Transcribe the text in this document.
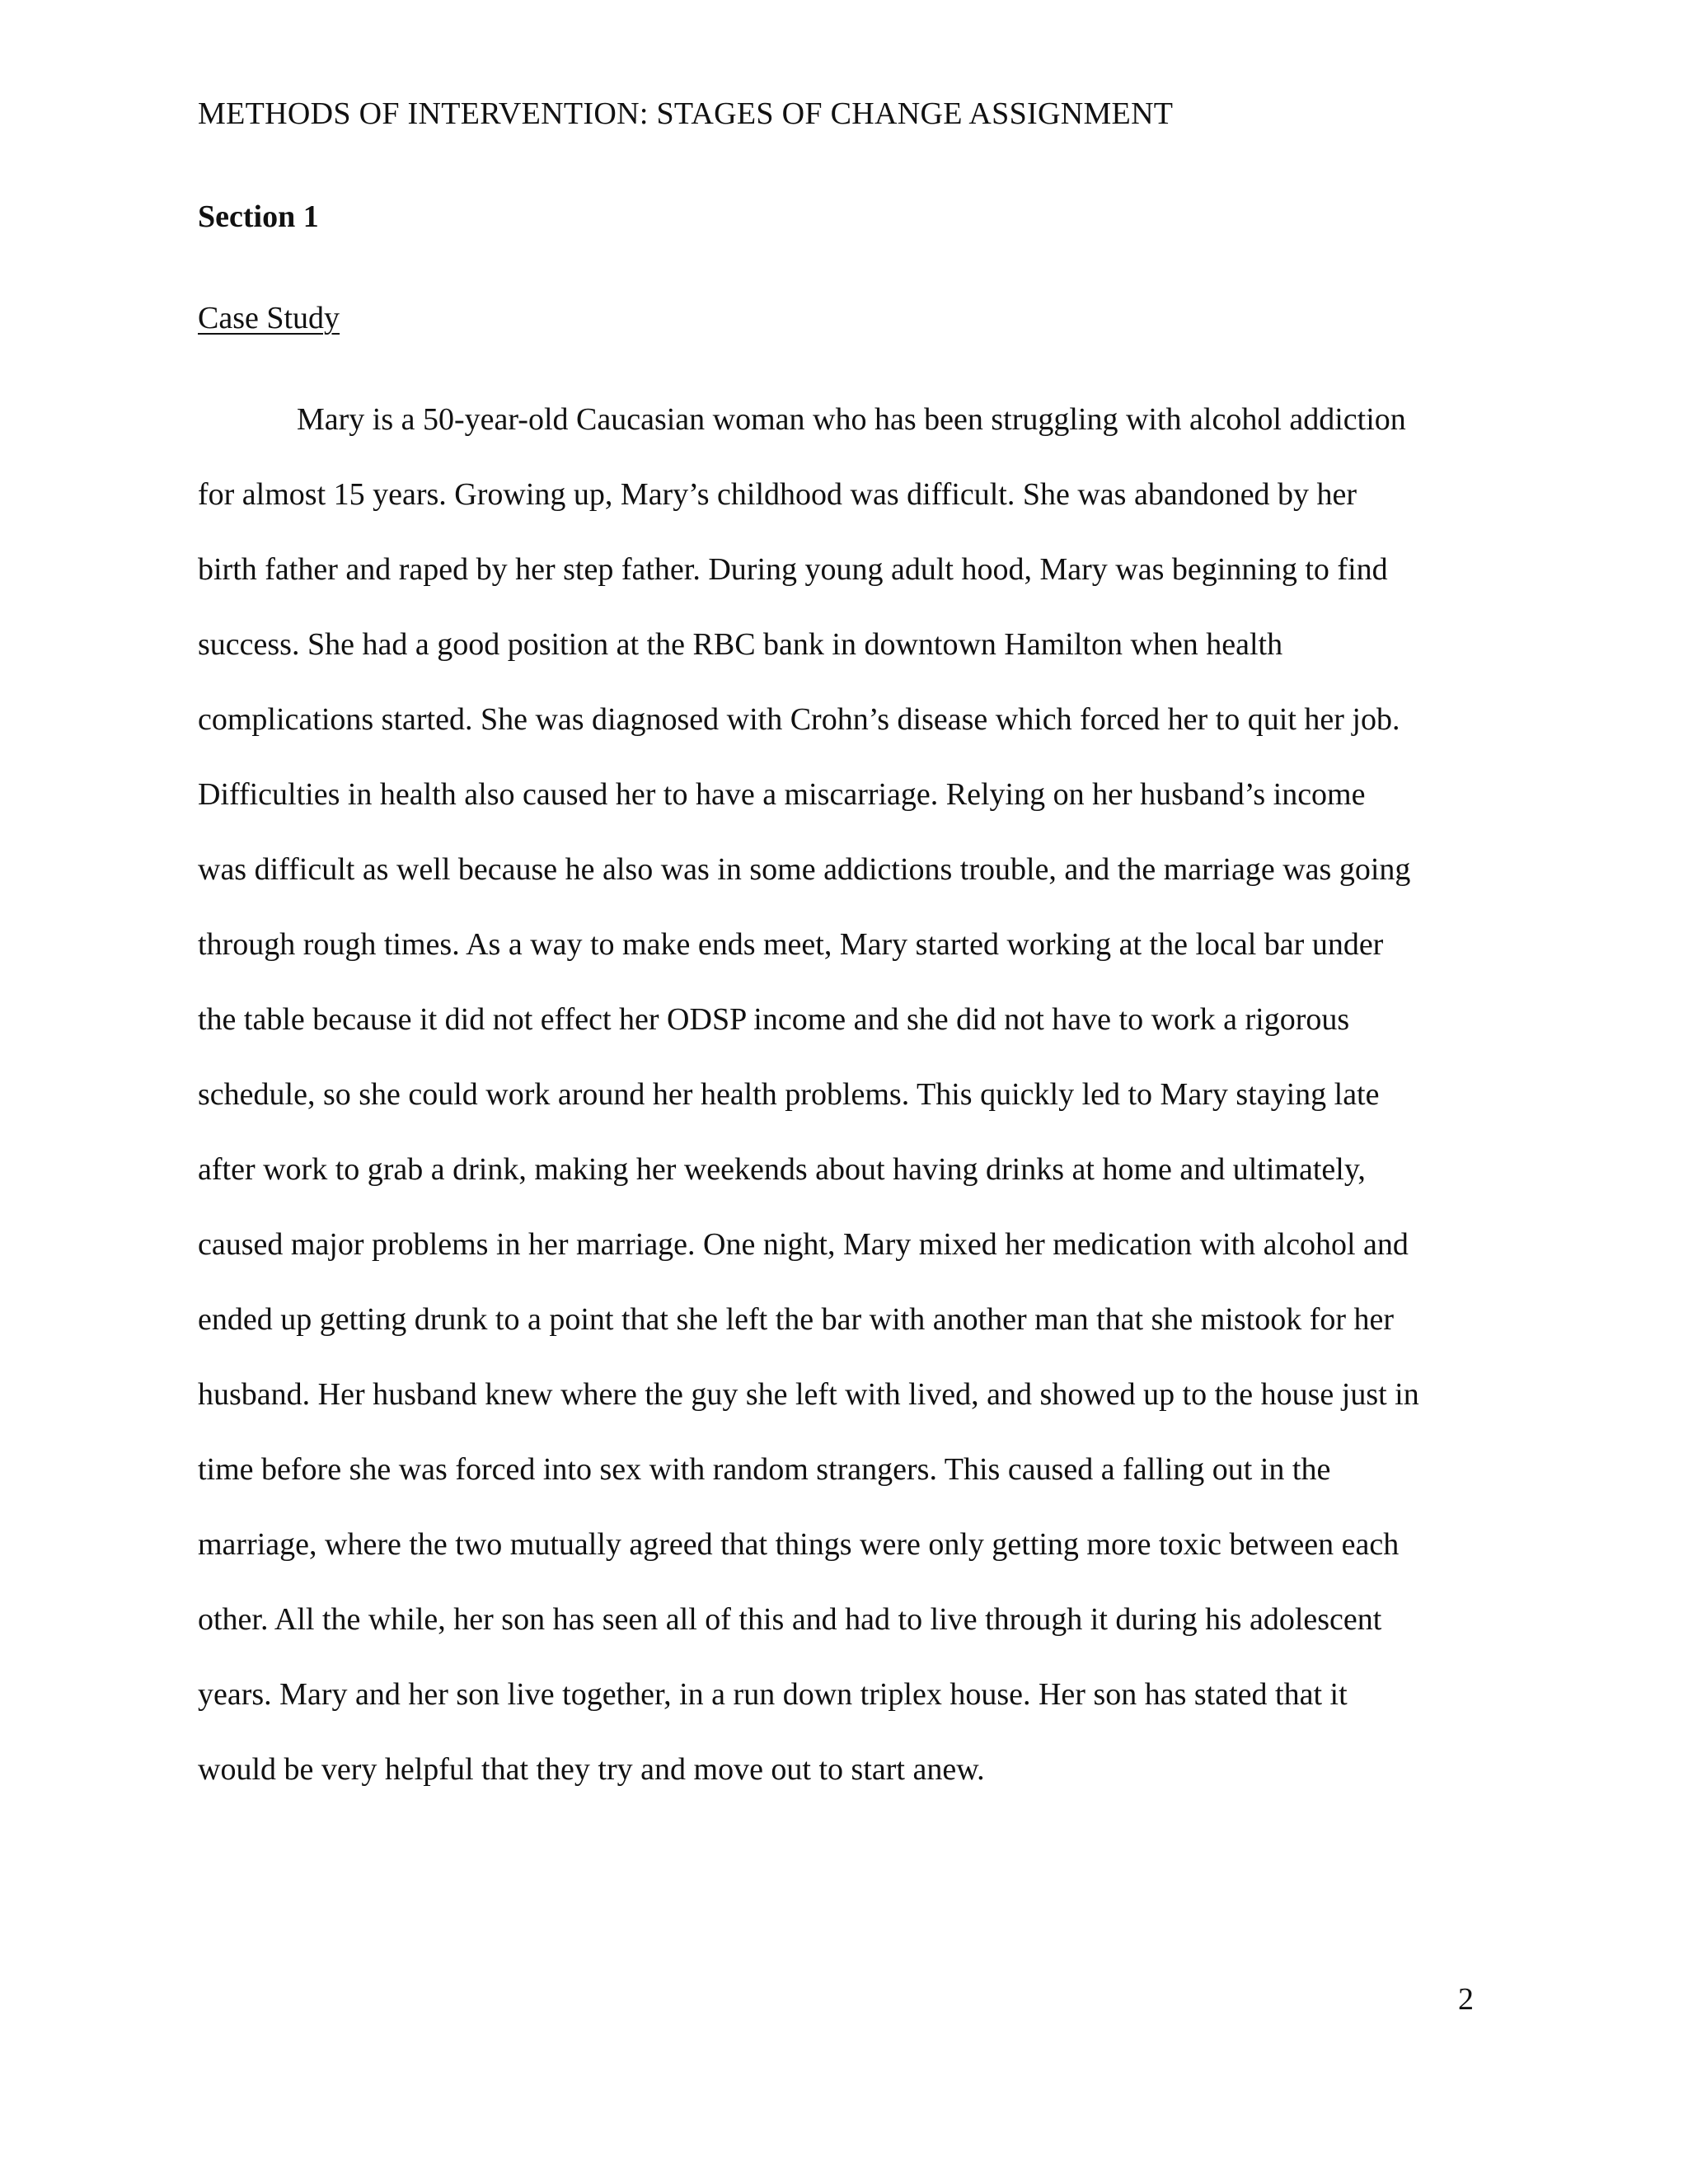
METHODS OF INTERVENTION: STAGES OF CHANGE ASSIGNMENT
Section 1
Case Study
Mary is a 50-year-old Caucasian woman who has been struggling with alcohol addiction
for almost 15 years. Growing up, Mary’s childhood was difficult. She was abandoned by her
birth father and raped by her step father. During young adult hood, Mary was beginning to find
success. She had a good position at the RBC bank in downtown Hamilton when health
complications started. She was diagnosed with Crohn’s disease which forced her to quit her job.
Difficulties in health also caused her to have a miscarriage. Relying on her husband’s income
was difficult as well because he also was in some addictions trouble, and the marriage was going
through rough times. As a way to make ends meet, Mary started working at the local bar under
the table because it did not effect her ODSP income and she did not have to work a rigorous
schedule, so she could work around her health problems. This quickly led to Mary staying late
after work to grab a drink, making her weekends about having drinks at home and ultimately,
caused major problems in her marriage. One night, Mary mixed her medication with alcohol and
ended up getting drunk to a point that she left the bar with another man that she mistook for her
husband. Her husband knew where the guy she left with lived, and showed up to the house just in
time before she was forced into sex with random strangers. This caused a falling out in the
marriage, where the two mutually agreed that things were only getting more toxic between each
other. All the while, her son has seen all of this and had to live through it during his adolescent
years. Mary and her son live together, in a run down triplex house. Her son has stated that it
would be very helpful that they try and move out to start anew.
2
